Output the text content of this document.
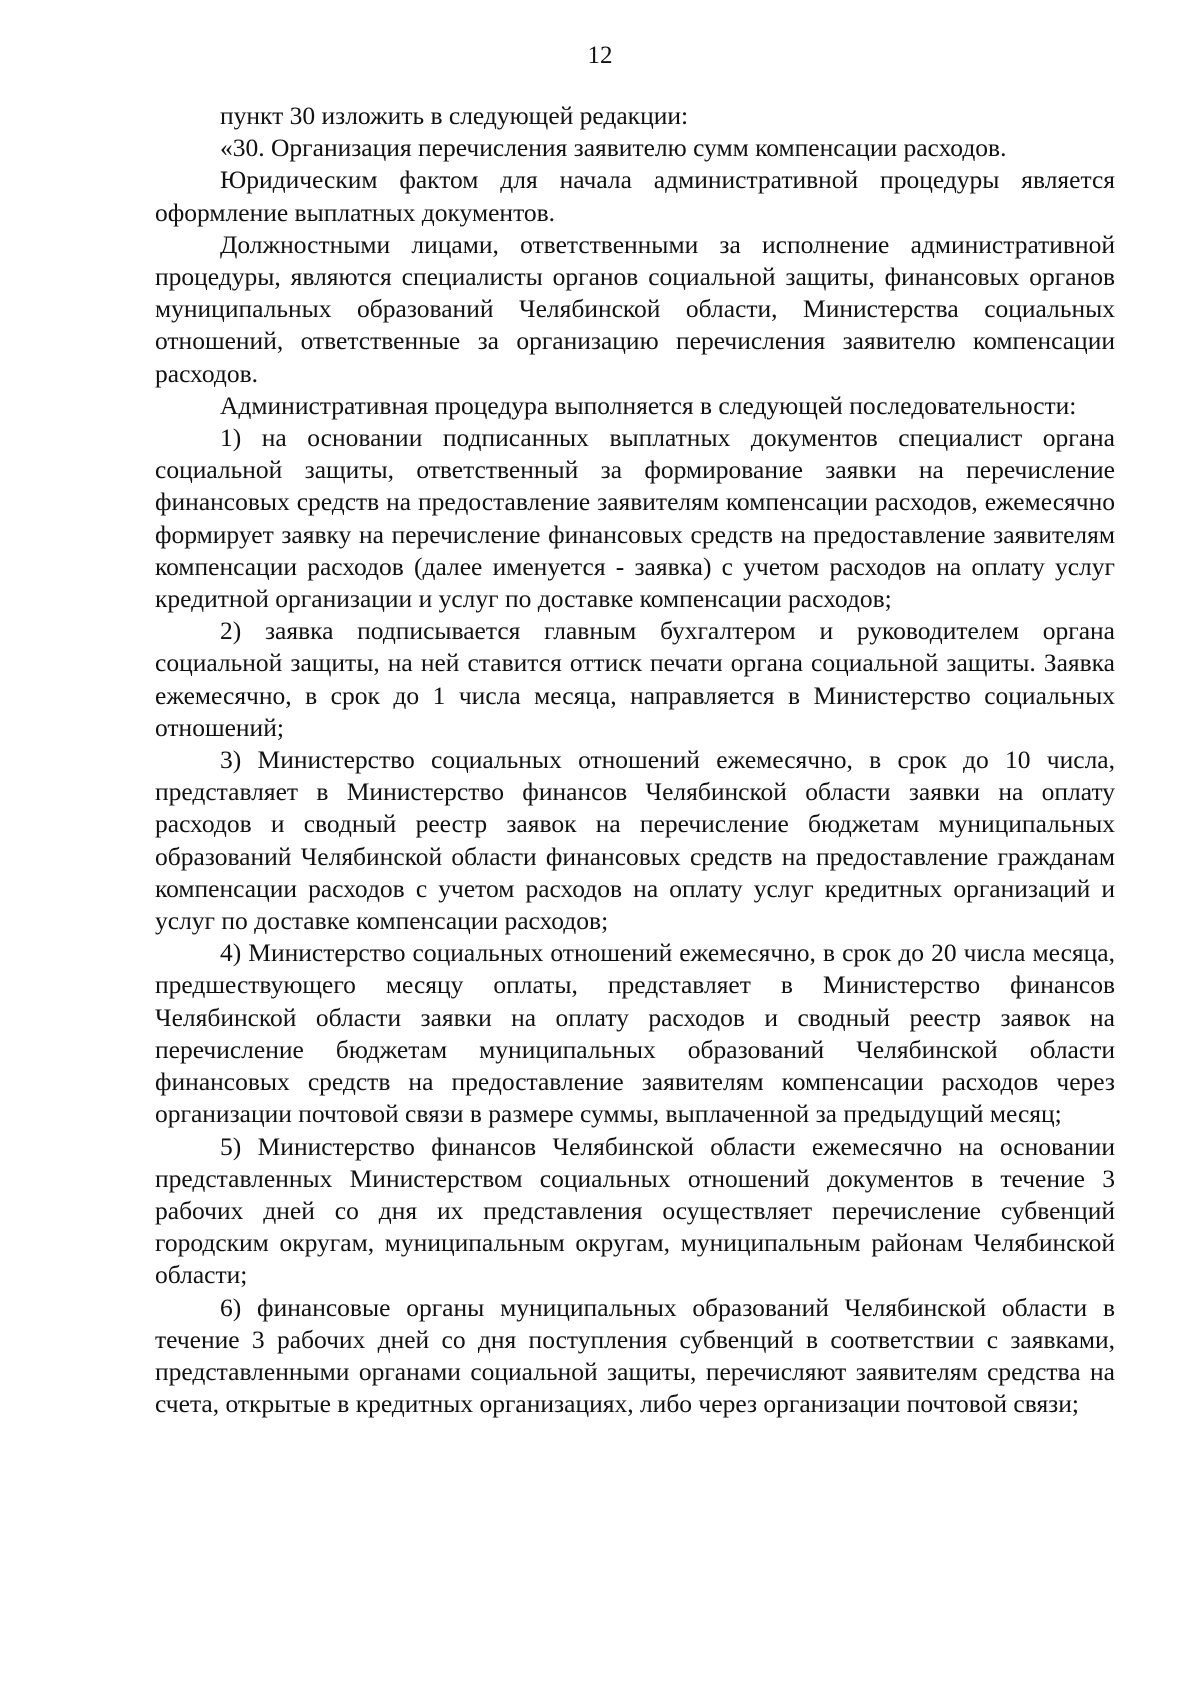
12

пункт 30 изложить в следующей редакции:

«30. Организация перечисления заявителю сумм компенсации расходов.

Юридическим фактом для начала административной процедуры является оформление выплатных документов.

Должностными лицами, ответственными за исполнение административной процедуры, являются специалисты органов социальной защиты, финансовых органов муниципальных образований Челябинской области, Министерства социальных отношений, ответственные за организацию перечисления заявителю компенсации расходов.

Административная процедура выполняется в следующей последовательности:

1) на основании подписанных выплатных документов специалист органа социальной защиты, ответственный за формирование заявки на перечисление финансовых средств на предоставление заявителям компенсации расходов, ежемесячно формирует заявку на перечисление финансовых средств на предоставление заявителям компенсации расходов (далее именуется - заявка) с учетом расходов на оплату услуг кредитной организации и услуг по доставке компенсации расходов;

2) заявка подписывается главным бухгалтером и руководителем органа социальной защиты, на ней ставится оттиск печати органа социальной защиты. Заявка ежемесячно, в срок до 1 числа месяца, направляется в Министерство социальных отношений;

3) Министерство социальных отношений ежемесячно, в срок до 10 числа, представляет в Министерство финансов Челябинской области заявки на оплату расходов и сводный реестр заявок на перечисление бюджетам муниципальных образований Челябинской области финансовых средств на предоставление гражданам компенсации расходов с учетом расходов на оплату услуг кредитных организаций и услуг по доставке компенсации расходов;

4) Министерство социальных отношений ежемесячно, в срок до 20 числа месяца, предшествующего месяцу оплаты, представляет в Министерство финансов Челябинской области заявки на оплату расходов и сводный реестр заявок на перечисление бюджетам муниципальных образований Челябинской области финансовых средств на предоставление заявителям компенсации расходов через организации почтовой связи в размере суммы, выплаченной за предыдущий месяц;

5) Министерство финансов Челябинской области ежемесячно на основании представленных Министерством социальных отношений документов в течение 3 рабочих дней со дня их представления осуществляет перечисление субвенций городским округам, муниципальным округам, муниципальным районам Челябинской области;

6) финансовые органы муниципальных образований Челябинской области в течение 3 рабочих дней со дня поступления субвенций в соответствии с заявками, представленными органами социальной защиты, перечисляют заявителям средства на счета, открытые в кредитных организациях, либо через организации почтовой связи;
